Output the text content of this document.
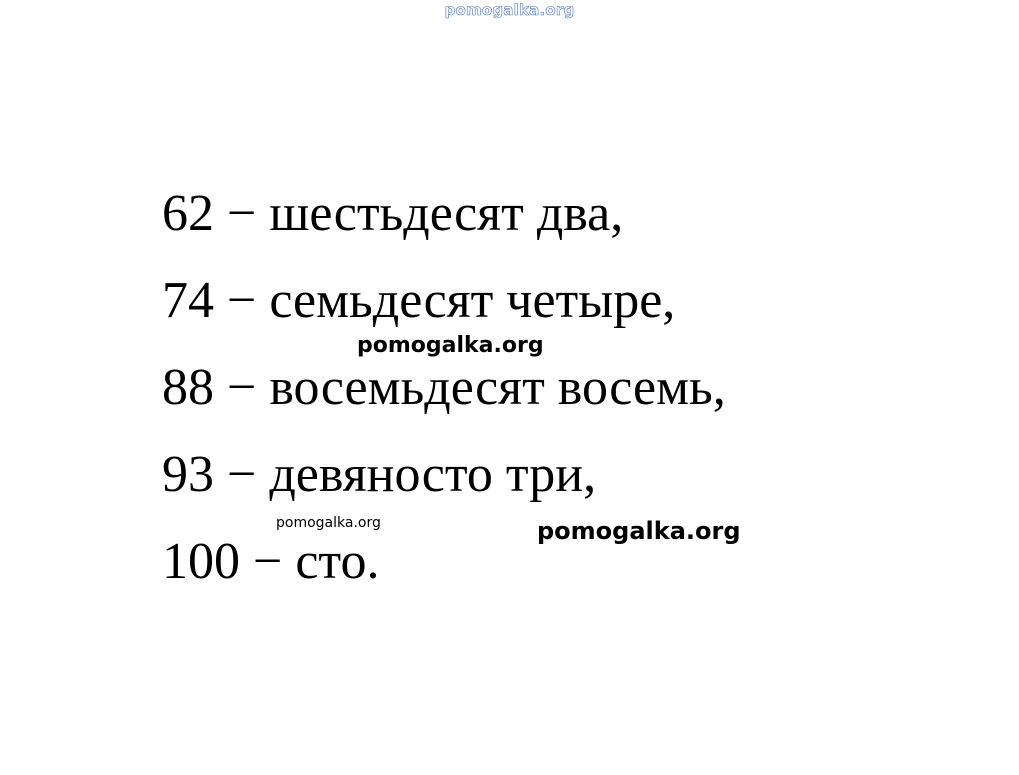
pomogalka.org
62 − шестьдесят два,
74 − семьдесят четыре,
88 − восемьдесят восемь,
93 − девяносто три,
100 − сто.
pomogalka.org
pomogalka.org	pomogalka.org
